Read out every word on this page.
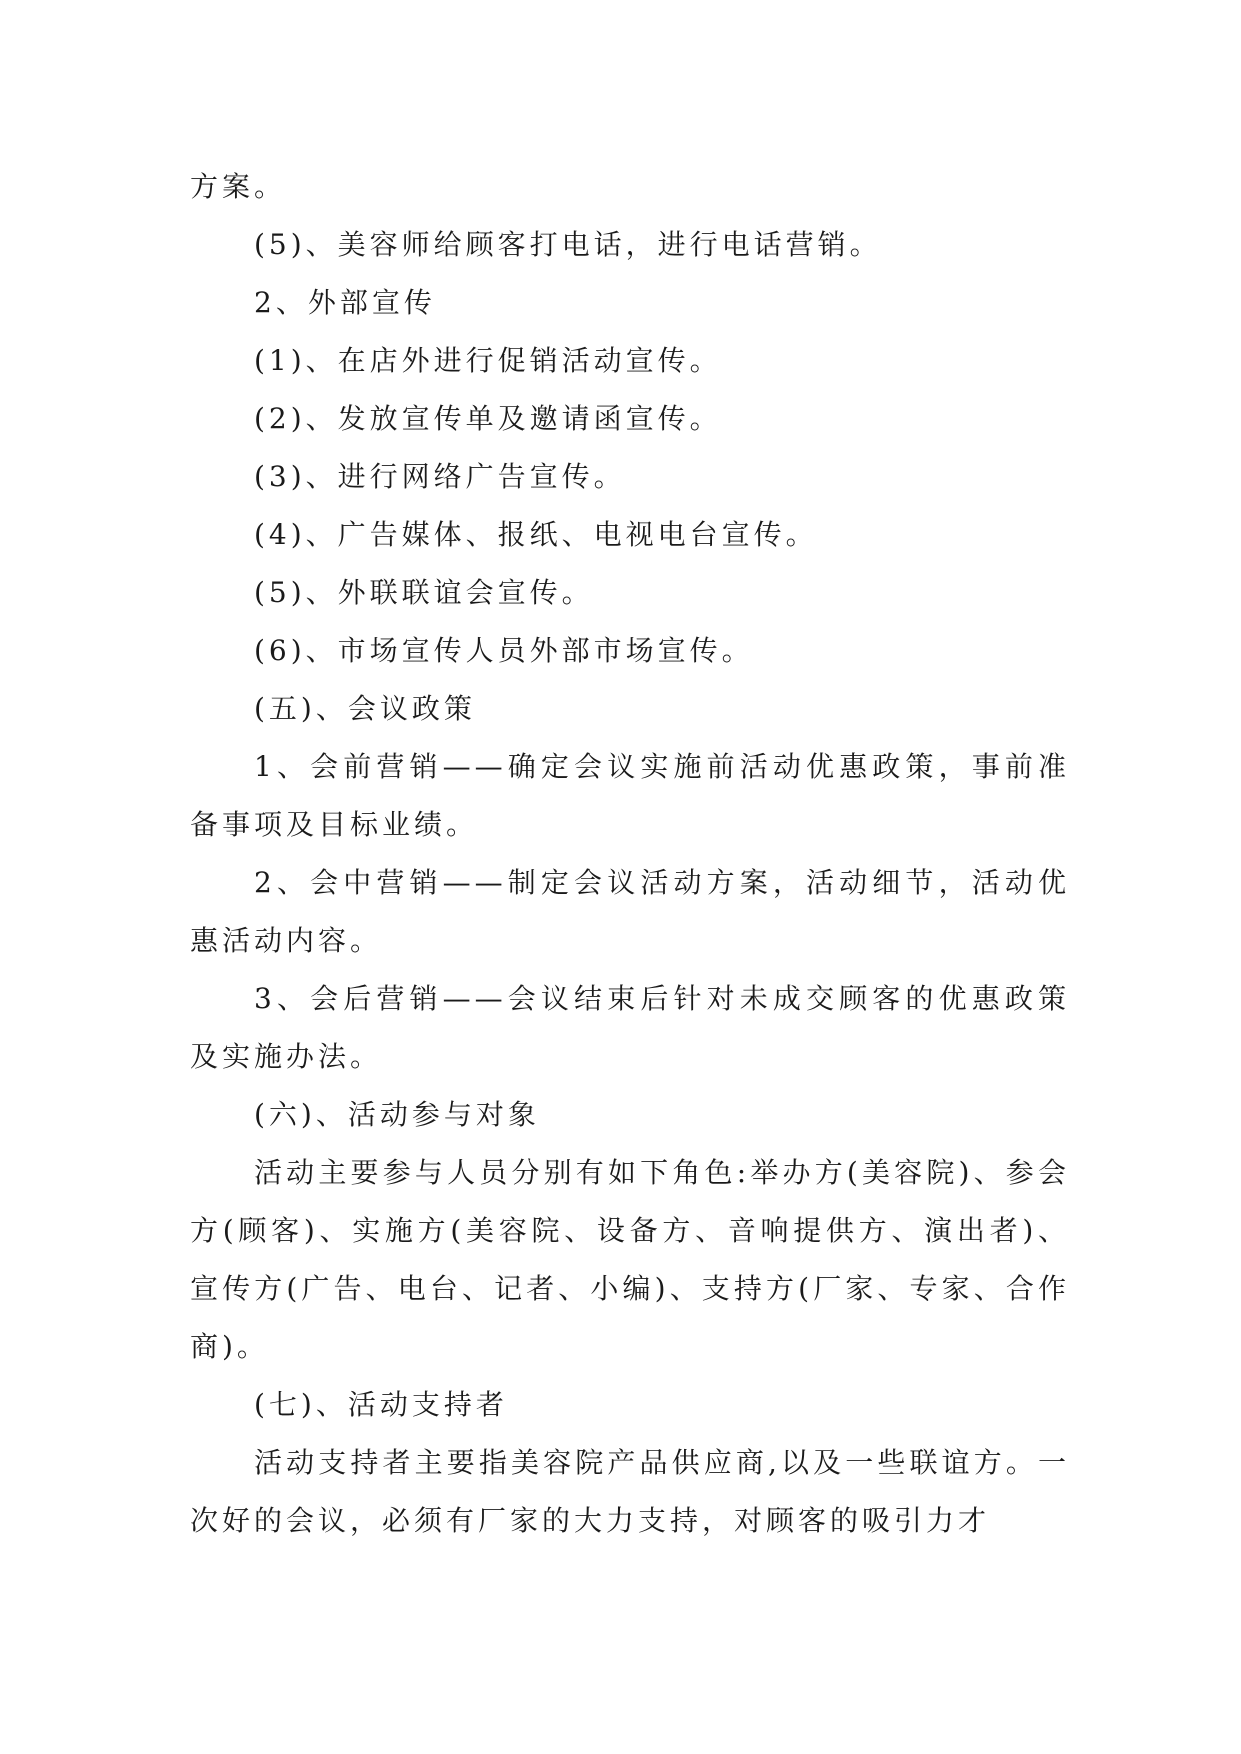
方案。

(5)、美容师给顾客打电话，进行电话营销。

2、外部宣传

(1)、在店外进行促销活动宣传。

(2)、发放宣传单及邀请函宣传。

(3)、进行网络广告宣传。

(4)、广告媒体、报纸、电视电台宣传。

(5)、外联联谊会宣传。

(6)、市场宣传人员外部市场宣传。

(五)、会议政策

1、会前营销——确定会议实施前活动优惠政策，事前准备事项及目标业绩。

2、会中营销——制定会议活动方案，活动细节，活动优惠活动内容。

3、会后营销——会议结束后针对未成交顾客的优惠政策及实施办法。

(六)、活动参与对象

活动主要参与人员分别有如下角色:举办方(美容院)、参会方(顾客)、实施方(美容院、设备方、音响提供方、演出者)、宣传方(广告、电台、记者、小编)、支持方(厂家、专家、合作商)。

(七)、活动支持者

活动支持者主要指美容院产品供应商,以及一些联谊方。一次好的会议，必须有厂家的大力支持，对顾客的吸引力才
